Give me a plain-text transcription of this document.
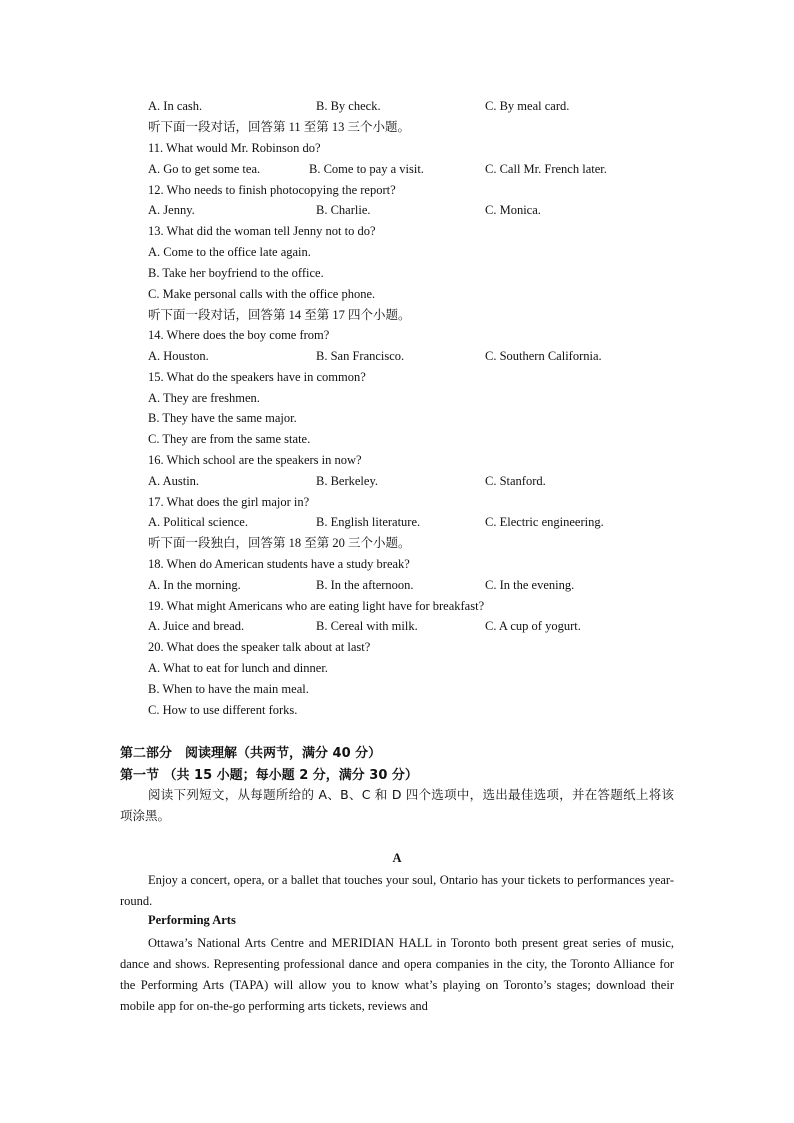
A. In cash.	B. By check.	C. By meal card.
听下面一段对话，回答第 11 至第 13 三个小题。
11. What would Mr. Robinson do?
A. Go to get some tea.	B. Come to pay a visit.	C. Call Mr. French later.
12. Who needs to finish photocopying the report?
A. Jenny.	B. Charlie.	C. Monica.
13. What did the woman tell Jenny not to do?
A. Come to the office late again.
B. Take her boyfriend to the office.
C. Make personal calls with the office phone.
听下面一段对话，回答第 14 至第 17 四个小题。
14. Where does the boy come from?
A. Houston.	B. San Francisco.	C. Southern California.
15. What do the speakers have in common?
A. They are freshmen.
B. They have the same major.
C. They are from the same state.
16. Which school are the speakers in now?
A. Austin.	B. Berkeley.	C. Stanford.
17. What does the girl major in?
A. Political science.	B. English literature.	C. Electric engineering.
听下面一段独白，回答第 18 至第 20 三个小题。
18. When do American students have a study break?
A. In the morning.	B. In the afternoon.	C. In the evening.
19. What might Americans who are eating light have for breakfast?
A. Juice and bread.	B. Cereal with milk.	C. A cup of yogurt.
20. What does the speaker talk about at last?
A. What to eat for lunch and dinner.
B. When to have the main meal.
C. How to use different forks.
第二部分　阅读理解（共两节，满分 40 分）
第一节 （共 15 小题；每小题 2 分，满分 30 分）
阅读下列短文，从每题所给的 A、B、C 和 D 四个选项中，选出最佳选项，并在答题纸上将该项涂黑。
A
Enjoy a concert, opera, or a ballet that touches your soul, Ontario has your tickets to performances year-round.
Performing Arts
Ottawa’s National Arts Centre and MERIDIAN HALL in Toronto both present great series of music, dance and shows. Representing professional dance and opera companies in the city, the Toronto Alliance for the Performing Arts (TAPA) will allow you to know what’s playing on Toronto’s stages; download their mobile app for on-the-go performing arts tickets, reviews and
